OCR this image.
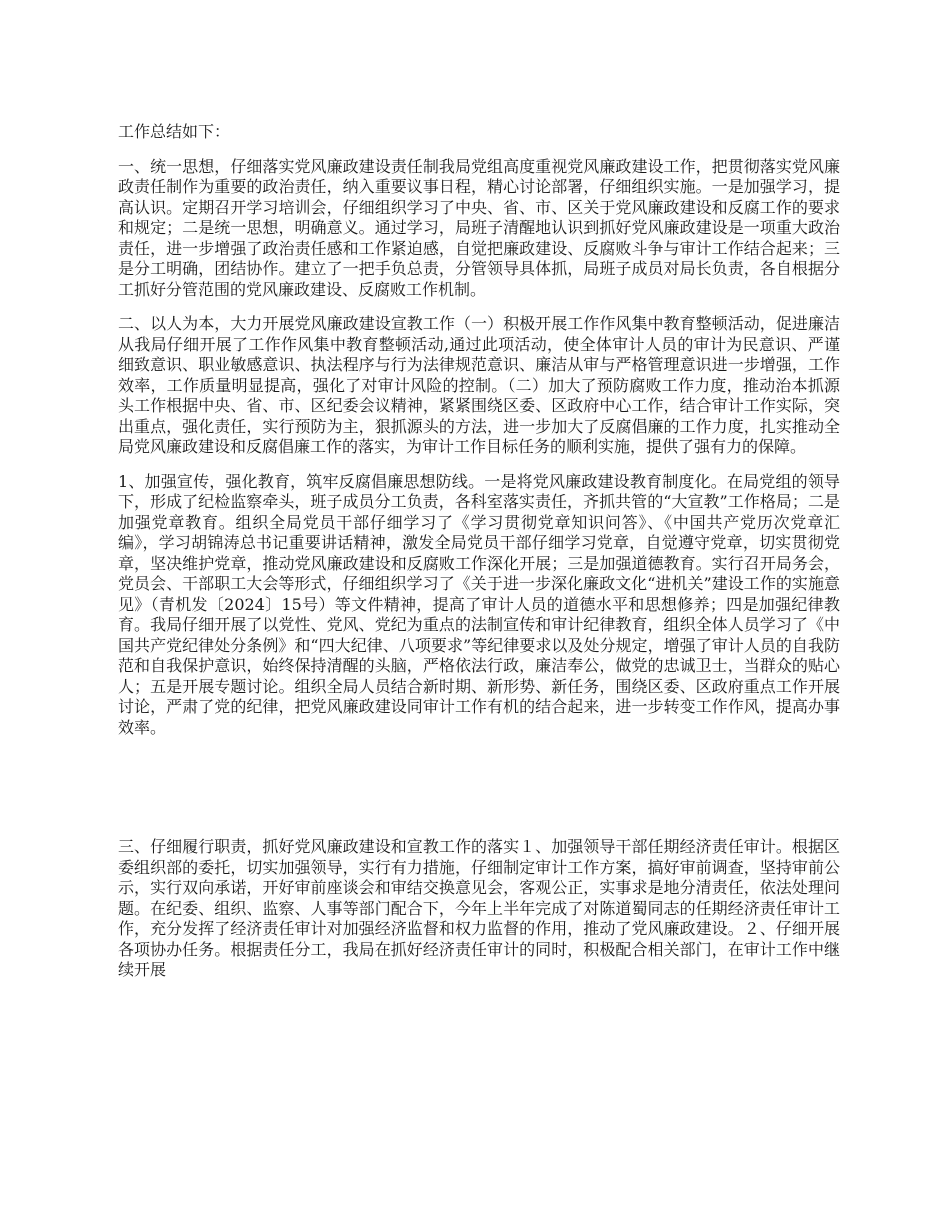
工作总结如下：

一、统一思想，仔细落实党风廉政建设责任制我局党组高度重视党风廉政建设工作，把贯彻落实党风廉政责任制作为重要的政治责任，纳入重要议事日程，精心讨论部署，仔细组织实施。一是加强学习，提高认识。定期召开学习培训会，仔细组织学习了中央、省、市、区关于党风廉政建设和反腐工作的要求和规定；二是统一思想，明确意义。通过学习，局班子清醒地认识到抓好党风廉政建设是一项重大政治责任，进一步增强了政治责任感和工作紧迫感，自觉把廉政建设、反腐败斗争与审计工作结合起来；三是分工明确，团结协作。建立了一把手负总责，分管领导具体抓，局班子成员对局长负责，各自根据分工抓好分管范围的党风廉政建设、反腐败工作机制。

二、以人为本，大力开展党风廉政建设宣教工作（一）积极开展工作作风集中教育整顿活动，促进廉洁从我局仔细开展了工作作风集中教育整顿活动,通过此项活动，使全体审计人员的审计为民意识、严谨细致意识、职业敏感意识、执法程序与行为法律规范意识、廉洁从审与严格管理意识进一步增强，工作效率，工作质量明显提高，强化了对审计风险的控制。（二）加大了预防腐败工作力度，推动治本抓源头工作根据中央、省、市、区纪委会议精神，紧紧围绕区委、区政府中心工作，结合审计工作实际，突出重点，强化责任，实行预防为主，狠抓源头的方法，进一步加大了反腐倡廉的工作力度，扎实推动全局党风廉政建设和反腐倡廉工作的落实，为审计工作目标任务的顺利实施，提供了强有力的保障。

1、加强宣传，强化教育，筑牢反腐倡廉思想防线。一是将党风廉政建设教育制度化。在局党组的领导下，形成了纪检监察牵头，班子成员分工负责，各科室落实责任，齐抓共管的“大宣教”工作格局；二是加强党章教育。组织全局党员干部仔细学习了《学习贯彻党章知识问答》、《中国共产党历次党章汇编》，学习胡锦涛总书记重要讲话精神，激发全局党员干部仔细学习党章，自觉遵守党章，切实贯彻党章，坚决维护党章，推动党风廉政建设和反腐败工作深化开展；三是加强道德教育。实行召开局务会，党员会、干部职工大会等形式，仔细组织学习了《关于进一步深化廉政文化“进机关”建设工作的实施意见》（青机发〔2024〕15号）等文件精神，提高了审计人员的道德水平和思想修养；四是加强纪律教育。我局仔细开展了以党性、党风、党纪为重点的法制宣传和审计纪律教育，组织全体人员学习了《中国共产党纪律处分条例》和“四大纪律、八项要求”等纪律要求以及处分规定，增强了审计人员的自我防范和自我保护意识，始终保持清醒的头脑，严格依法行政，廉洁奉公，做党的忠诚卫士，当群众的贴心人；五是开展专题讨论。组织全局人员结合新时期、新形势、新任务，围绕区委、区政府重点工作开展讨论，严肃了党的纪律，把党风廉政建设同审计工作有机的结合起来，进一步转变工作作风，提高办事效率。

三、仔细履行职责，抓好党风廉政建设和宣教工作的落实１、加强领导干部任期经济责任审计。根据区委组织部的委托，切实加强领导，实行有力措施，仔细制定审计工作方案，搞好审前调查，坚持审前公示，实行双向承诺，开好审前座谈会和审结交换意见会，客观公正，实事求是地分清责任，依法处理问题。在纪委、组织、监察、人事等部门配合下，今年上半年完成了对陈道蜀同志的任期经济责任审计工作，充分发挥了经济责任审计对加强经济监督和权力监督的作用，推动了党风廉政建设。２、仔细开展各项协办任务。根据责任分工，我局在抓好经济责任审计的同时，积极配合相关部门，在审计工作中继续开展
